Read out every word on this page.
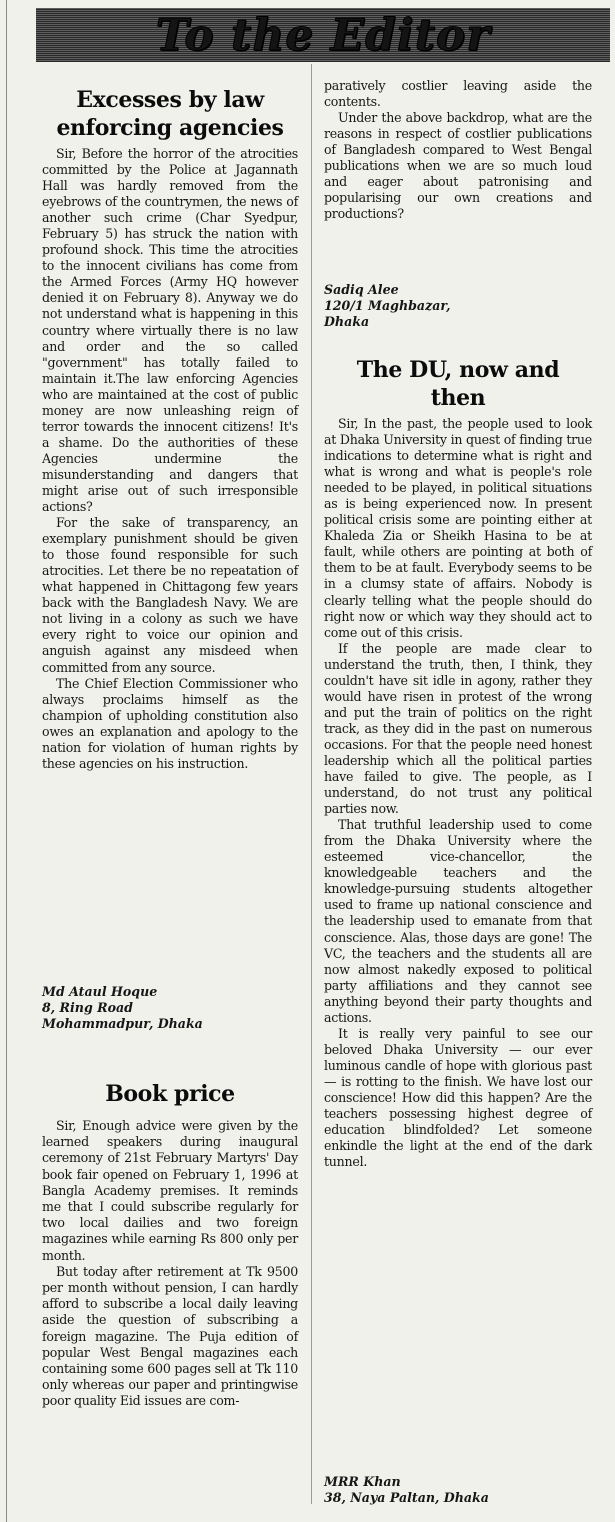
To the Editor
Excesses by law enforcing agencies

Sir, Before the horror of the atrocities committed by the Police at Jagannath Hall was hardly removed from the eyebrows of the countrymen, the news of another such crime (Char Syedpur, February 5) has struck the nation with profound shock. This time the atrocities to the innocent civilians has come from the Armed Forces (Army HQ however denied it on February 8). Anyway we do not understand what is happening in this country where virtually there is no law and order and the so called "government" has totally failed to maintain it.The law enforcing Agencies who are maintained at the cost of public money are now unleashing reign of terror towards the innocent citizens! It's a shame. Do the authorities of these Agencies undermine the misunderstanding and dangers that might arise out of such irresponsible actions?

For the sake of transparency, an exemplary punishment should be given to those found responsible for such atrocities. Let there be no repeatation of what happened in Chittagong few years back with the Bangladesh Navy. We are not living in a colony as such we have every right to voice our opinion and anguish against any misdeed when committed from any source.

The Chief Election Commissioner who always proclaims himself as the champion of upholding constitution also owes an explanation and apology to the nation for violation of human rights by these agencies on his instruction.

Md Ataul Hoque
8, Ring Road
Mohammadpur, Dhaka
Book price

Sir, Enough advice were given by the learned speakers during inaugural ceremony of 21st February Martyrs' Day book fair opened on February 1, 1996 at Bangla Academy premises. It reminds me that I could subscribe regularly for two local dailies and two foreign magazines while earning Rs 800 only per month.

But today after retirement at Tk 9500 per month without pension, I can hardly afford to subscribe a local daily leaving aside the question of subscribing a foreign magazine. The Puja edition of popular West Bengal magazines each containing some 600 pages sell at Tk 110 only whereas our paper and printingwise poor quality Eid issues are com-

paratively costlier leaving aside the contents.

Under the above backdrop, what are the reasons in respect of costlier publications of Bangladesh compared to West Bengal publications when we are so much loud and eager about patronising and popularising our own creations and productions?

Sadiq Alee
120/1 Maghbazar,
Dhaka
The DU, now and then

Sir, In the past, the people used to look at Dhaka University in quest of finding true indications to determine what is right and what is wrong and what is people's role needed to be played, in political situations as is being experienced now. In present political crisis some are pointing either at Khaleda Zia or Sheikh Hasina to be at fault, while others are pointing at both of them to be at fault. Everybody seems to be in a clumsy state of affairs. Nobody is clearly telling what the people should do right now or which way they should act to come out of this crisis.

If the people are made clear to understand the truth, then, I think, they couldn't have sit idle in agony, rather they would have risen in protest of the wrong and put the train of politics on the right track, as they did in the past on numerous occasions. For that the people need honest leadership which all the political parties have failed to give. The people, as I understand, do not trust any political parties now.

That truthful leadership used to come from the Dhaka University where the esteemed vice-chancellor, the knowledgeable teachers and the knowledge-pursuing students altogether used to frame up national conscience and the leadership used to emanate from that conscience. Alas, those days are gone! The VC, the teachers and the students all are now almost nakedly exposed to political party affiliations and they cannot see anything beyond their party thoughts and actions.

It is really very painful to see our beloved Dhaka University — our ever luminous candle of hope with glorious past — is rotting to the finish. We have lost our conscience! How did this happen? Are the teachers possessing highest degree of education blindfolded? Let someone enkindle the light at the end of the dark tunnel.

MRR Khan
38, Naya Paltan, Dhaka
